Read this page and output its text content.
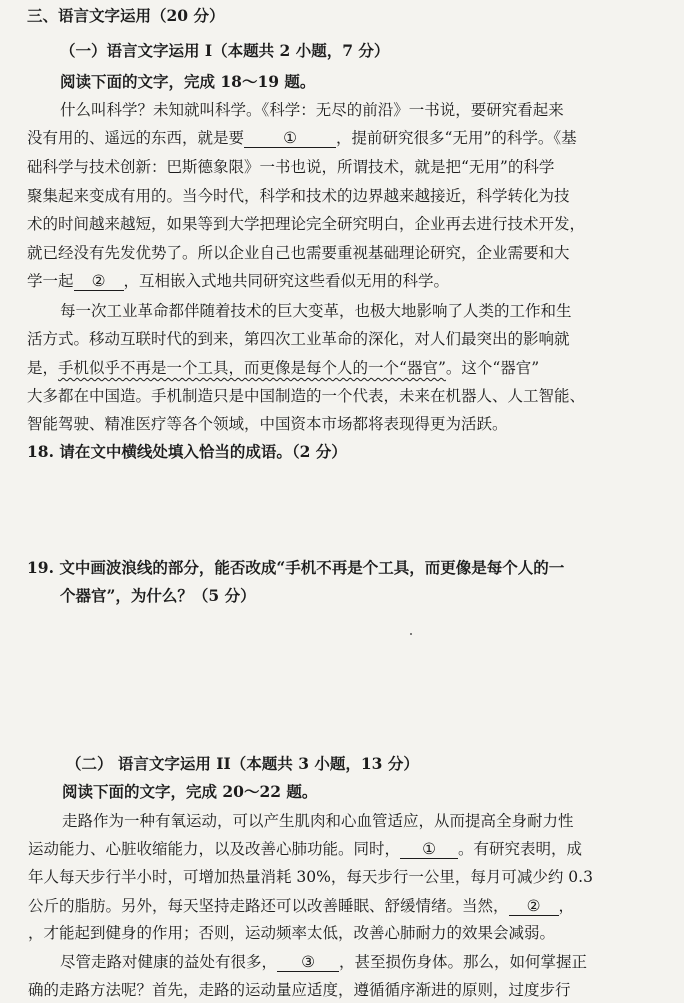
三、语言文字运用（20 分）
（一）语言文字运用 I（本题共 2 小题，7 分）
阅读下面的文字，完成 18～19 题。
什么叫科学？未知就叫科学。《科学：无尽的前沿》一书说，要研究看起来
没有用的、遥远的东西，就是要	①	，提前研究很多“无用”的科学。《基
础科学与技术创新：巴斯德象限》一书也说，所谓技术，就是把“无用”的科学
聚集起来变成有用的。当今时代，科学和技术的边界越来越接近，科学转化为技
术的时间越来越短，如果等到大学把理论完全研究明白，企业再去进行技术开发，
就已经没有先发优势了。所以企业自己也需要重视基础理论研究，企业需要和大
学一起 ② ，互相嵌入式地共同研究这些看似无用的科学。
每一次工业革命都伴随着技术的巨大变革，也极大地影响了人类的工作和生
活方式。移动互联时代的到来，第四次工业革命的深化，对人们最突出的影响就
是，手机似乎不再是一个工具，而更像是每个人的一个“器官”。这个“器官”
大多都在中国造。手机制造只是中国制造的一个代表，未来在机器人、人工智能、
智能驾驶、精准医疗等各个领域，中国资本市场都将表现得更为活跃。
18. 请在文中横线处填入恰当的成语。（2 分）
19. 文中画波浪线的部分，能否改成“手机不再是个工具，而更像是每个人的一
个器官”，为什么？（5 分）
（二） 语言文字运用 II（本题共 3 小题，13 分）
阅读下面的文字，完成 20～22 题。
走路作为一种有氧运动，可以产生肌肉和心血管适应，从而提高全身耐力性
运动能力、心脏收缩能力，以及改善心肺功能。同时， ① 。有研究表明，成
年人每天步行半小时，可增加热量消耗 30%，每天步行一公里，每月可减少约 0.3
公斤的脂肪。另外，每天坚持走路还可以改善睡眠、舒缓情绪。当然， ② ，
，才能起到健身的作用；否则，运动频率太低，改善心肺耐力的效果会减弱。
尽管走路对健康的益处有很多， ③ ，甚至损伤身体。那么，如何掌握正
确的走路方法呢？首先，走路的运动量应适度，遵循循序渐进的原则，过度步行
